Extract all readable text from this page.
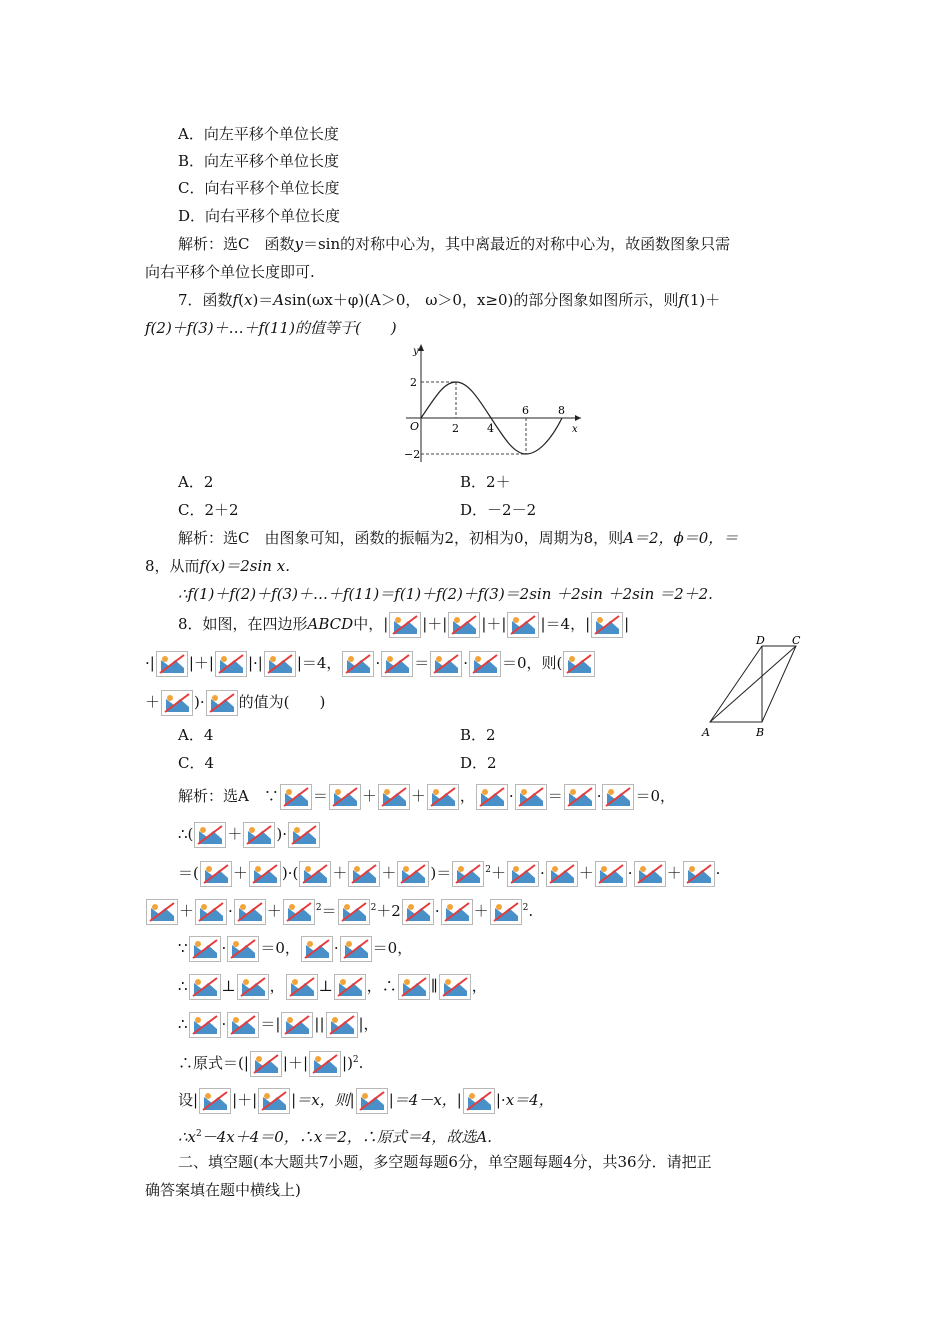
A．向左平移个单位长度
B．向左平移个单位长度
C．向右平移个单位长度
D．向右平移个单位长度
解析：选C　函数y＝sin的对称中心为，其中离最近的对称中心为，故函数图象只需
向右平移个单位长度即可.
7．函数f(x)＝Asin(ωx＋φ)(A＞0， ω＞0，x≥0)的部分图象如图所示，则f(1)＋
f(2)＋f(3)＋…＋f(11)的值等于(　　)
y
x
O	2	4
6	8
2
−2
A．2	B．2＋
C．2＋2	D．－2－2
解析：选C　由图象可知，函数的振幅为2，初相为0，周期为8，则A＝2，ϕ＝0，＝
8，从而f(x)＝2sin x.
∴f(1)＋f(2)＋f(3)＋…＋f(11)＝f(1)＋f(2)＋f(3)＝2sin ＋2sin ＋2sin ＝2＋2.
8．如图，在四边形ABCD中，| |＋| |＋| |＝4，| |
·| |＋| |·| |＝4， · ＝ · ＝0，则(
＋ )· 的值为(　　)
A	B
C
D
A．4	B．2
C．4	D．2
解析：选A　∵ ＝ ＋ ＋ ， · ＝ · ＝0，
∴( ＋ )·
＝( ＋ )·( ＋ ＋ )＝	$^2$＋ · ＋ · ＋ ·
＋ · ＋	$^2$＝	$^2$＋2 · ＋	$^2$.
∵ · ＝0， · ＝0，
∴ ⊥ ， ⊥ ，∴ ∥ ，
∴ · ＝| || |，
∴原式＝(| |＋| |)$^2$.
设| |＋| |＝x，则| |＝4－x，| |·x＝4，
$\therefore x^2-4x+4=0$，∴x＝2，∴原式＝4，故选A.
二、填空题(本大题共7小题，多空题每题6分，单空题每题4分，共36分．请把正
确答案填在题中横线上)
